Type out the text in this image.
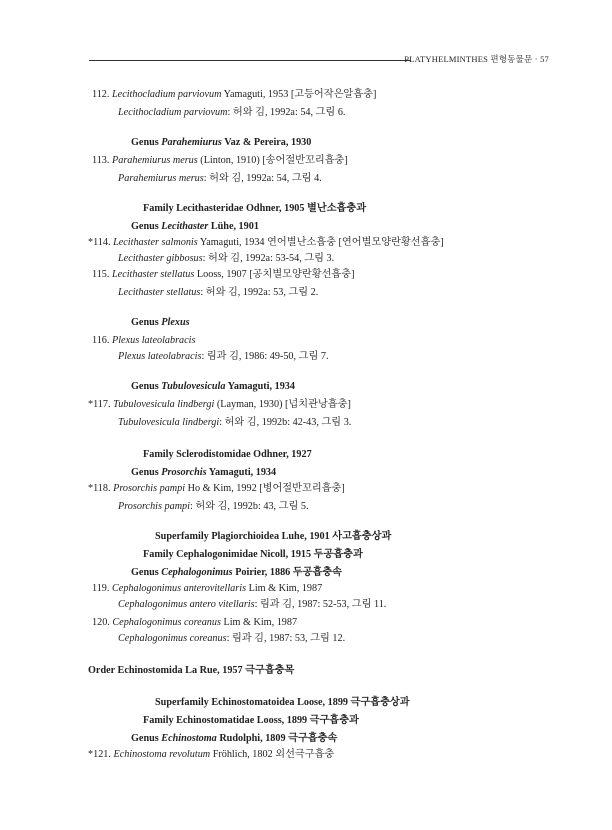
PLATYHELMINTHES 편형동물문 · 57
112. Lecithocladium parviovum Yamaguti, 1953 [고등어작은알흡충]
Lecithocladium parviovum: 허와 김, 1992a: 54, 그림 6.
Genus Parahemiurus Vaz & Pereira, 1930
113. Parahemiurus merus (Linton, 1910) [송어절반꼬리흡충]
Parahemiurus merus: 허와 김, 1992a: 54, 그림 4.
Family Lecithasteridae Odhner, 1905 별난소흡충과
Genus Lecithaster Lühe, 1901
*114. Lecithaster salmonis Yamaguti, 1934 연어별난소흡충 [연어별모양란황선흡충]
Lecithaster gibbosus: 허와 김, 1992a: 53-54, 그림 3.
115. Lecithaster stellatus Looss, 1907 [공치별모양란황선흡충]
Lecithaster stellatus: 허와 김, 1992a: 53, 그림 2.
Genus Plexus
116. Plexus lateolabracis
Plexus lateolabracis: 림과 김, 1986: 49-50, 그림 7.
Genus Tubulovesicula Yamaguti, 1934
*117. Tubulovesicula lindbergi (Layman, 1930) [넙치관낭흡충]
Tubulovesicula lindbergi: 허와 김, 1992b: 42-43, 그림 3.
Family Sclerodistomidae Odhner, 1927
Genus Prosorchis Yamaguti, 1934
*118. Prosorchis pampi Ho & Kim, 1992 [병어절반꼬리흡충]
Prosorchis pampi: 허와 김, 1992b: 43, 그림 5.
Superfamily Plagiorchioidea Luhe, 1901 사고흡충상과
Family Cephalogonimidae Nicoll, 1915 두공흡충과
Genus Cephalogonimus Poirier, 1886 두공흡충속
119. Cephalogonimus anterovitellaris Lim & Kim, 1987
Cephalogonimus antero vitellaris: 림과 김, 1987: 52-53, 그림 11.
120. Cephalogonimus coreanus Lim & Kim, 1987
Cephalogonimus coreanus: 림과 김, 1987: 53, 그림 12.
Order Echinostomida La Rue, 1957 극구흡충목
Superfamily Echinostomatoidea Loose, 1899 극구흡충상과
Family Echinostomatidae Looss, 1899 극구흡충과
Genus Echinostoma Rudolphi, 1809 극구흡충속
*121. Echinostoma revolutum Fröhlich, 1802 외선극구흡충
